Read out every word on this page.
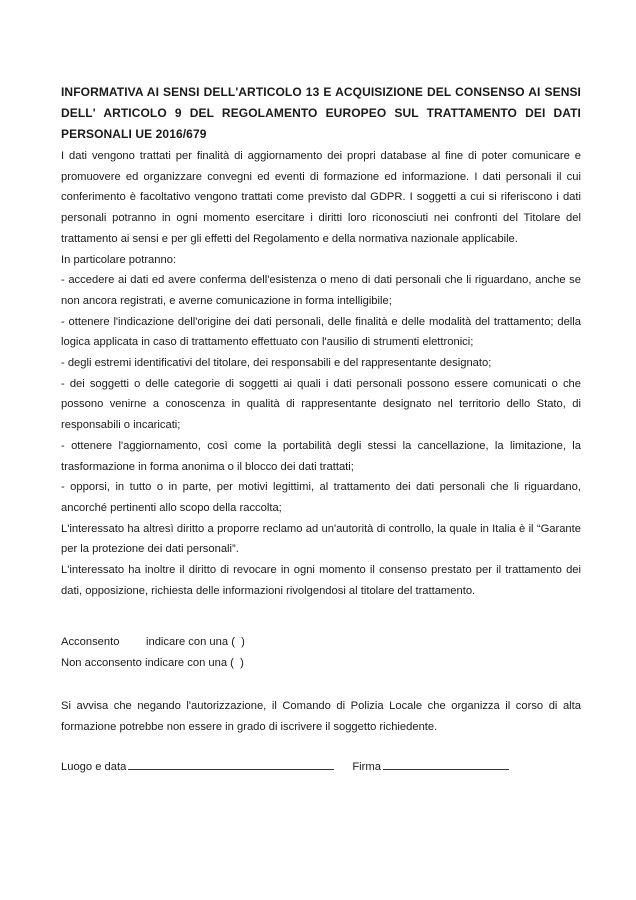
INFORMATIVA AI SENSI DELL'ARTICOLO 13 E ACQUISIZIONE DEL CONSENSO AI SENSI DELL' ARTICOLO 9 DEL REGOLAMENTO EUROPEO SUL TRATTAMENTO DEI DATI PERSONALI UE 2016/679

I dati vengono trattati per finalità di aggiornamento dei propri database al fine di poter comunicare e promuovere ed organizzare convegni ed eventi di formazione ed informazione. I dati personali il cui conferimento è facoltativo vengono trattati come previsto dal GDPR. I soggetti a cui si riferiscono i dati personali potranno in ogni momento esercitare i diritti loro riconosciuti nei confronti del Titolare del trattamento ai sensi e per gli effetti del Regolamento e della normativa nazionale applicabile.

In particolare potranno:

- accedere ai dati ed avere conferma dell'esistenza o meno di dati personali che li riguardano, anche se non ancora registrati, e averne comunicazione in forma intelligibile;

- ottenere l'indicazione dell'origine dei dati personali, delle finalità e delle modalità del trattamento; della logica applicata in caso di trattamento effettuato con l'ausilio di strumenti elettronici;

- degli estremi identificativi del titolare, dei responsabili e del rappresentante designato;

- dei soggetti o delle categorie di soggetti ai quali i dati personali possono essere comunicati o che possono venirne a conoscenza in qualità di rappresentante designato nel territorio dello Stato, di responsabili o incaricati;

- ottenere l'aggiornamento, così come la portabilità degli stessi la cancellazione, la limitazione, la trasformazione in forma anonima o il blocco dei dati trattati;

- opporsi, in tutto o in parte, per motivi legittimi, al trattamento dei dati personali che li riguardano, ancorché pertinenti allo scopo della raccolta;

L'interessato ha altresì diritto a proporre reclamo ad un'autorità di controllo, la quale in Italia è il “Garante per la protezione dei dati personali”.

L'interessato ha inoltre il diritto di revocare in ogni momento il consenso prestato per il trattamento dei dati, opposizione, richiesta delle informazioni rivolgendosi al titolare del trattamento.

Acconsento	indicare con una (  )
Non acconsento
indicare con una (  )
Si avvisa che negando l'autorizzazione, il Comando di Polizia Locale che organizza il corso di alta formazione potrebbe non essere in grado di iscrivere il soggetto richiedente.
Luogo e data	Firma
